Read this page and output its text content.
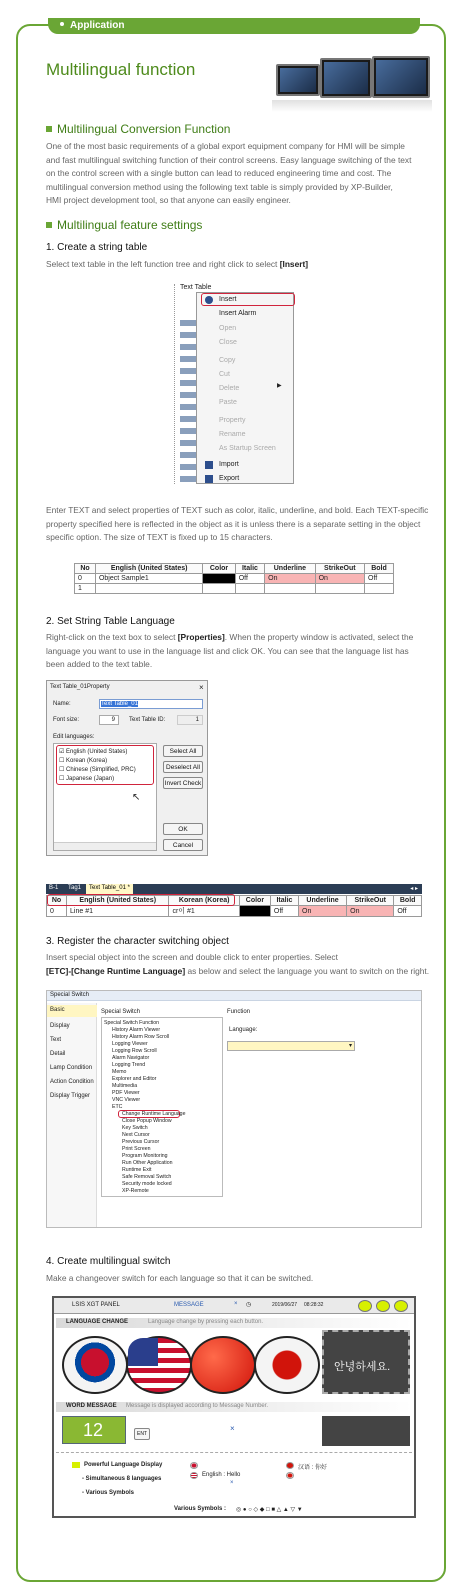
Application
Multilingual function
Multilingual Conversion Function
One of the most basic requirements of a global export equipment company for HMI will be simple
and fast multilingual switching function of their control screens. Easy language switching of the text
on the control screen with a single button can lead to reduced engineering time and cost. The
multilingual conversion method using the following text table is simply provided by XP-Builder,
HMI project development tool, so that anyone can easily engineer.
Multilingual feature settings
1. Create a string table
Select text table in the left function tree and right click to select [Insert]
Text Table
Insert
Insert Alarm
▶
Open
Close
Copy
Cut
Delete
Paste
Property
Rename
As Startup Screen
Import
Export
Enter TEXT and select properties of TEXT such as color, italic, underline, and bold. Each TEXT-specific
property specified here is reflected in the object as it is unless there is a separate setting in the object
specific option. The size of TEXT is fixed up to 15 characters.
No	English (United States)	Color	Italic	Underline	StrikeOut	Bold
0	Object Sample1		Off	On	On	Off
1						
2. Set String Table Language
Right-click on the text box to select [Properties]. When the property window is activated, select the
language you want to use in the language list and click OK. You can see that the language list has
been added to the text table.
Text Table_01Property	×
Name:	Text Table_01
Font size:	9 Text Table ID:	1
Edit languages:
☑ English (United States)
☐ Korean (Korea)
☐ Chinese (Simplified, PRC)
☐ Japanese (Japan)
↖
Select All
Deselect All
Invert Check
OK
Cancel
B-1 Tag1	Text Table_01 *	◂ ▸
No	English (United States)	Korean (Korea)	Color	Italic	Underline	StrikeOut	Bold
0	Line #1	cr이 #1		Off	On	On	Off
3. Register the character switching object
Insert special object into the screen and double click to enter properties. Select
[ETC]-[Change Runtime Language] as below and select the language you want to switch on the right.
Special Switch
Basic
Display
Text
Detail
Lamp Condition
Action Condition
Display Trigger
Special Switch	Function
Language:
▾
Special Switch Function
History Alarm Viewer
History Alarm Row Scroll
Logging Viewer
Logging Row Scroll
Alarm Navigator
Logging Trend
Memo
Explorer and Editor
Multimedia
PDF Viewer
VNC Viewer
ETC
Change Runtime Language
Close Popup Window
Key Switch
Next Cursor
Previous Cursor
Print Screen
Program Monitoring
Run Other Application
Runtime Exit
Safe Removal Switch
Security mode locked
XP-Remote
4. Create multilingual switch
Make a changeover switch for each language so that it can be switched.
LSIS XGT PANEL	MESSAGE	× ◷	2019/06/27 08:28:32
LANGUAGE CHANGE	Language change by pressing each button.
안녕하세요.
WORD MESSAGE Message is displayed according to Message Number.
12	ENT
×
Powerful Language Display
- Simultaneous 8 languages
- Various Symbols
English : Hello
×
汉语 : 你好
Various Symbols : ◎ ● ○ ◇ ◆ □ ■ △ ▲ ▽ ▼
